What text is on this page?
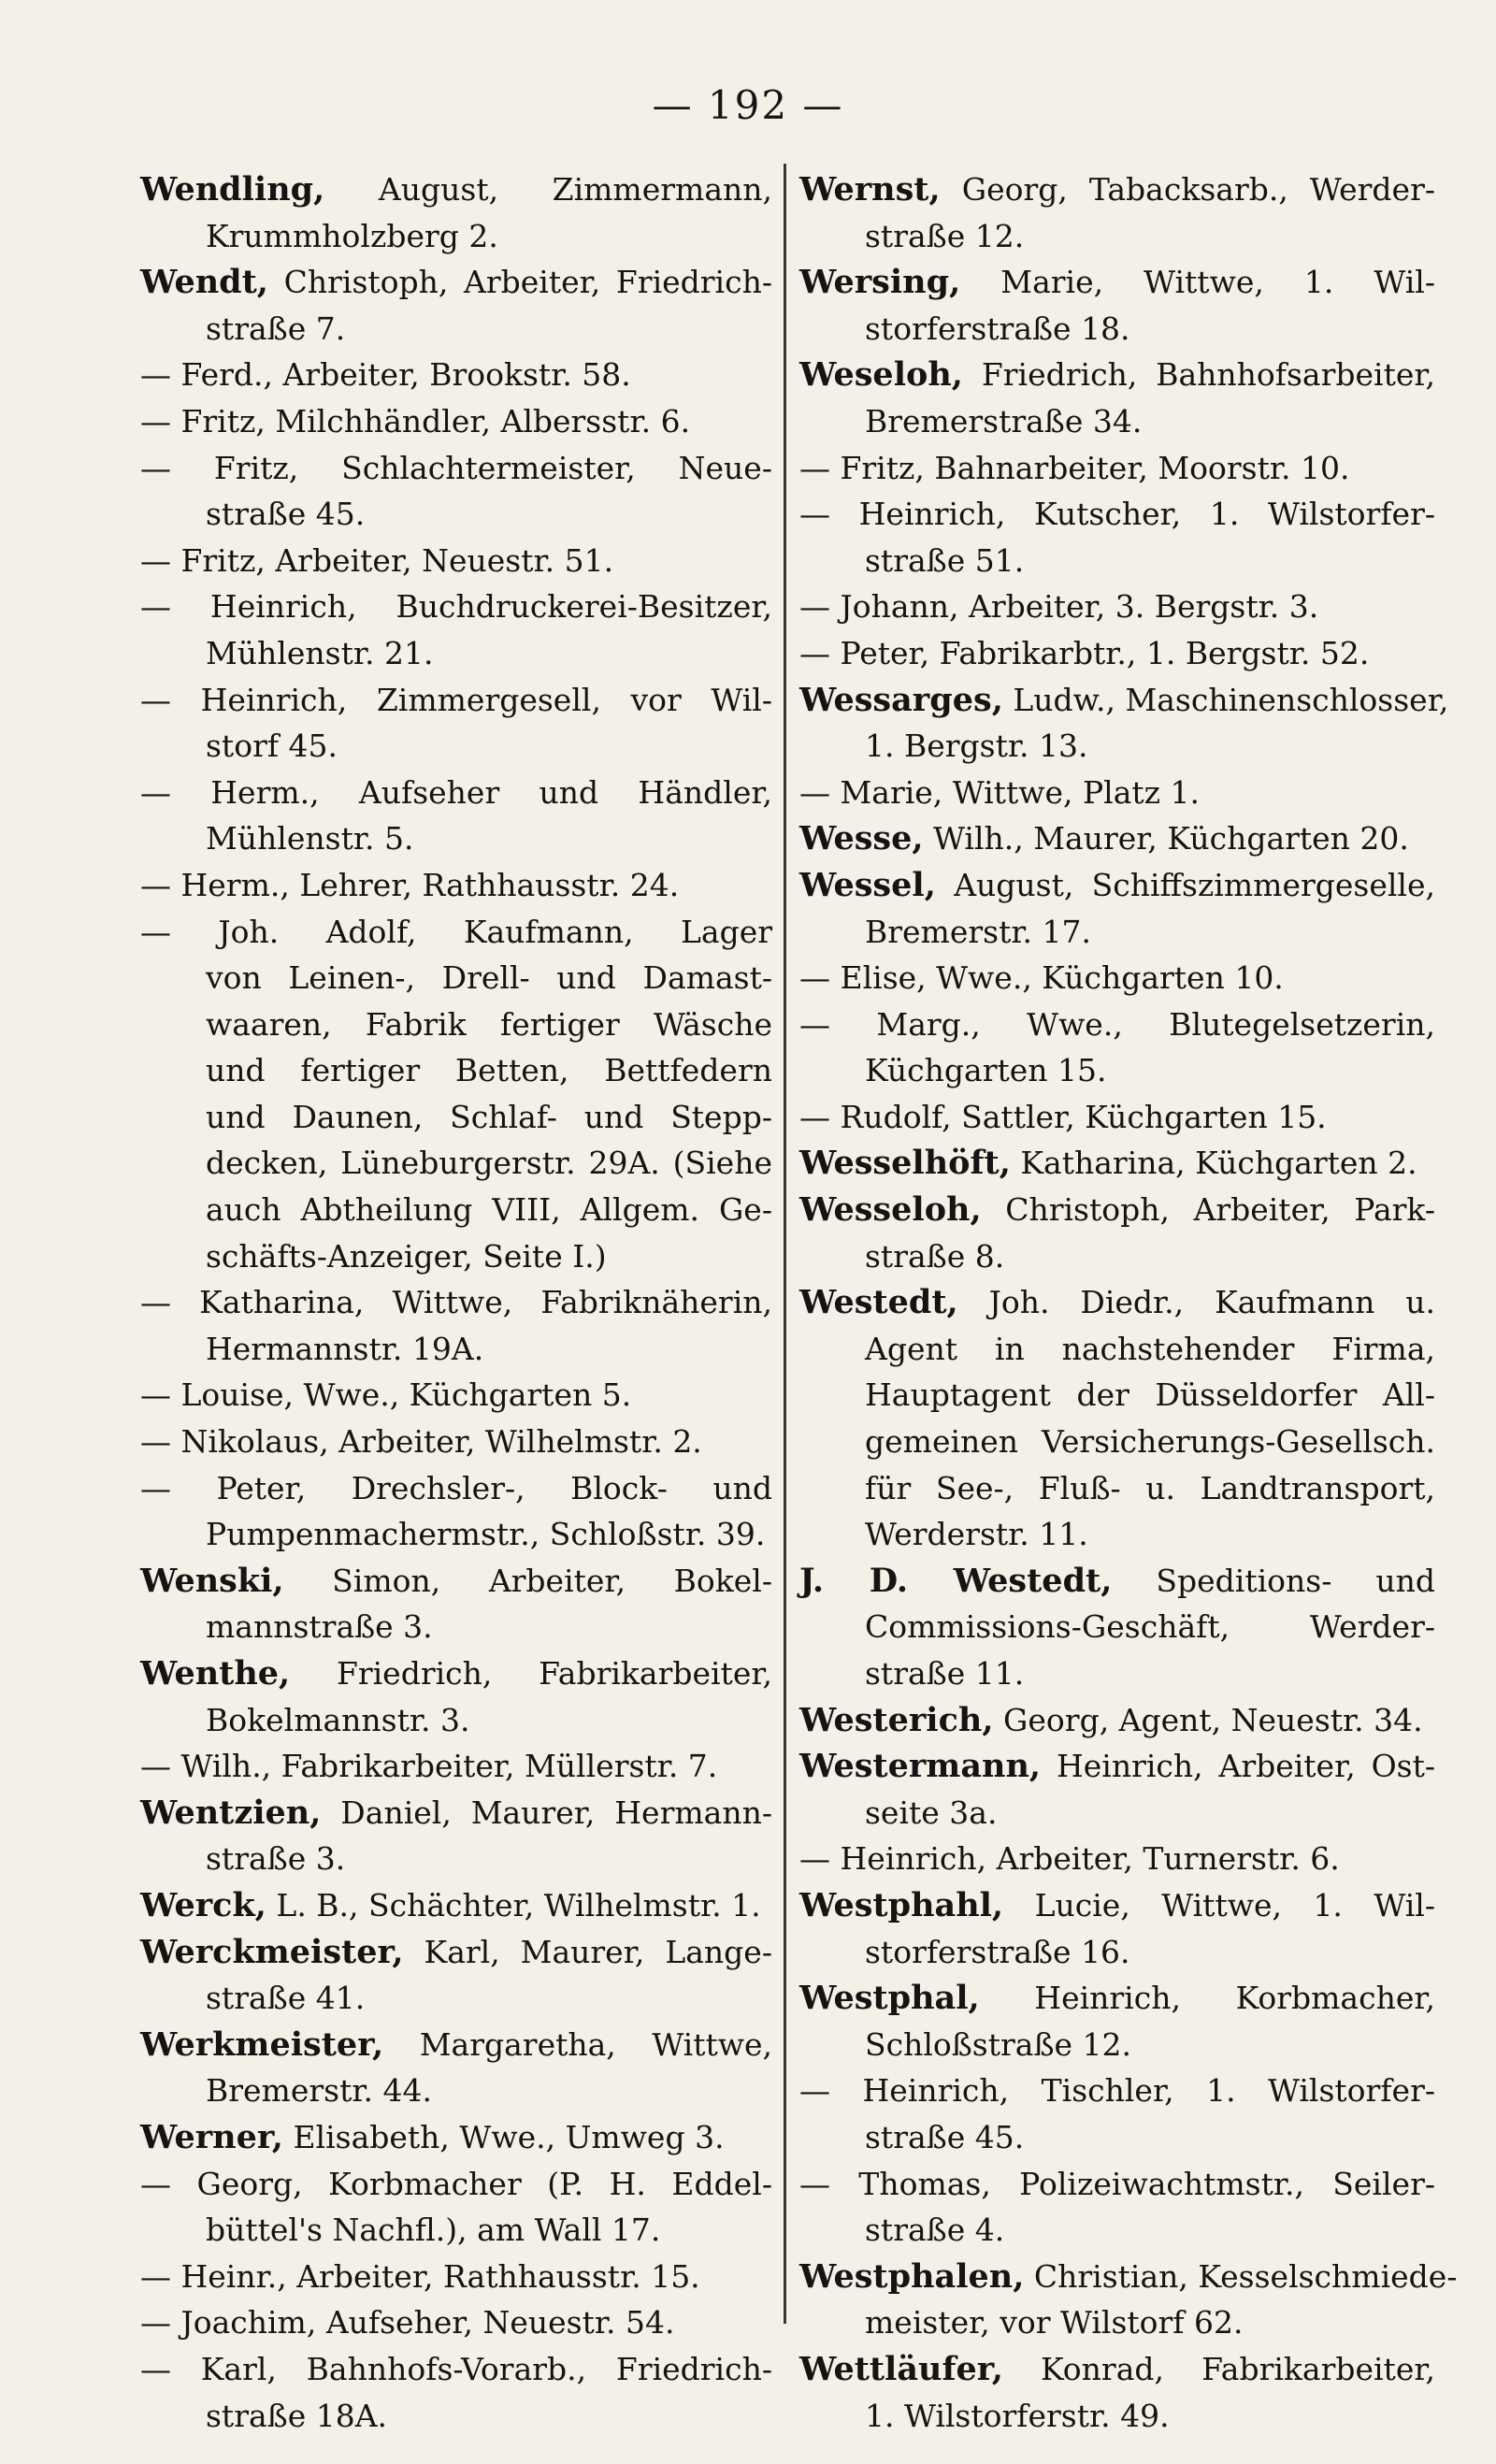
— 192 —
Wendling, August, Zimmermann,
Krummholzberg 2.
Wendt, Christoph, Arbeiter, Friedrich-
straße 7.
— Ferd., Arbeiter, Brookstr. 58.
— Fritz, Milchhändler, Albersstr. 6.
— Fritz, Schlachtermeister, Neue-
straße 45.
— Fritz, Arbeiter, Neuestr. 51.
— Heinrich, Buchdruckerei-Besitzer,
Mühlenstr. 21.
— Heinrich, Zimmergesell, vor Wil-
storf 45.
— Herm., Aufseher und Händler,
Mühlenstr. 5.
— Herm., Lehrer, Rathhausstr. 24.
— Joh. Adolf, Kaufmann, Lager
von Leinen-, Drell- und Damast-
waaren, Fabrik fertiger Wäsche
und fertiger Betten, Bettfedern
und Daunen, Schlaf- und Stepp-
decken, Lüneburgerstr. 29A. (Siehe
auch Abtheilung VIII, Allgem. Ge-
schäfts-Anzeiger, Seite I.)
— Katharina, Wittwe, Fabriknäherin,
Hermannstr. 19A.
— Louise, Wwe., Küchgarten 5.
— Nikolaus, Arbeiter, Wilhelmstr. 2.
— Peter, Drechsler-, Block- und
Pumpenmachermstr., Schloßstr. 39.
Wenski, Simon, Arbeiter, Bokel-
mannstraße 3.
Wenthe, Friedrich, Fabrikarbeiter,
Bokelmannstr. 3.
— Wilh., Fabrikarbeiter, Müllerstr. 7.
Wentzien, Daniel, Maurer, Hermann-
straße 3.
Werck, L. B., Schächter, Wilhelmstr. 1.
Werckmeister, Karl, Maurer, Lange-
straße 41.
Werkmeister, Margaretha, Wittwe,
Bremerstr. 44.
Werner, Elisabeth, Wwe., Umweg 3.
— Georg, Korbmacher (P. H. Eddel-
büttel's Nachfl.), am Wall 17.
— Heinr., Arbeiter, Rathhausstr. 15.
— Joachim, Aufseher, Neuestr. 54.
— Karl, Bahnhofs-Vorarb., Friedrich-
straße 18A.
Wernst, Georg, Tabacksarb., Werder-
straße 12.
Wersing, Marie, Wittwe, 1. Wil-
storferstraße 18.
Weseloh, Friedrich, Bahnhofsarbeiter,
Bremerstraße 34.
— Fritz, Bahnarbeiter, Moorstr. 10.
— Heinrich, Kutscher, 1. Wilstorfer-
straße 51.
— Johann, Arbeiter, 3. Bergstr. 3.
— Peter, Fabrikarbtr., 1. Bergstr. 52.
Wessarges, Ludw., Maschinenschlosser,
1. Bergstr. 13.
— Marie, Wittwe, Platz 1.
Wesse, Wilh., Maurer, Küchgarten 20.
Wessel, August, Schiffszimmergeselle,
Bremerstr. 17.
— Elise, Wwe., Küchgarten 10.
— Marg., Wwe., Blutegelsetzerin,
Küchgarten 15.
— Rudolf, Sattler, Küchgarten 15.
Wesselhöft, Katharina, Küchgarten 2.
Wesseloh, Christoph, Arbeiter, Park-
straße 8.
Westedt, Joh. Diedr., Kaufmann u.
Agent in nachstehender Firma,
Hauptagent der Düsseldorfer All-
gemeinen Versicherungs-Gesellsch.
für See-, Fluß- u. Landtransport,
Werderstr. 11.
J. D. Westedt, Speditions- und
Commissions-Geschäft, Werder-
straße 11.
Westerich, Georg, Agent, Neuestr. 34.
Westermann, Heinrich, Arbeiter, Ost-
seite 3a.
— Heinrich, Arbeiter, Turnerstr. 6.
Westphahl, Lucie, Wittwe, 1. Wil-
storferstraße 16.
Westphal, Heinrich, Korbmacher,
Schloßstraße 12.
— Heinrich, Tischler, 1. Wilstorfer-
straße 45.
— Thomas, Polizeiwachtmstr., Seiler-
straße 4.
Westphalen, Christian, Kesselschmiede-
meister, vor Wilstorf 62.
Wettläufer, Konrad, Fabrikarbeiter,
1. Wilstorferstr. 49.
